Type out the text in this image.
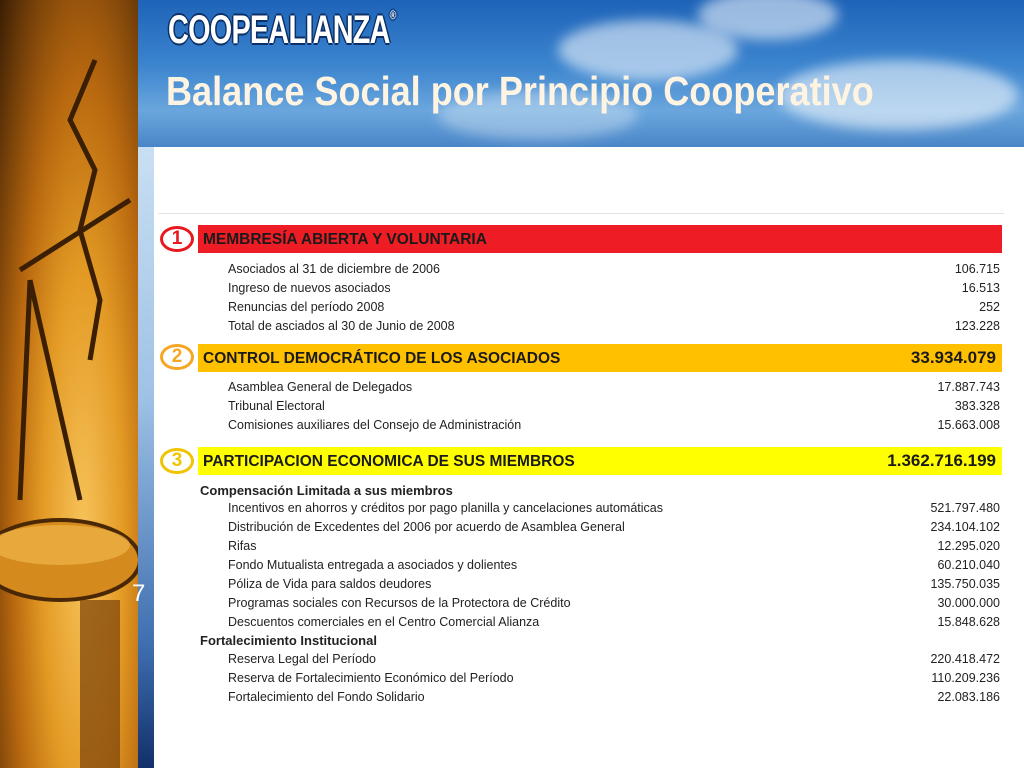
COOPEALIANZA®
Balance Social por Principio Cooperativo
7
1	MEMBRESÍA ABIERTA Y VOLUNTARIA
Asociados al 31 de diciembre de 2006	106.715
Ingreso de nuevos asociados	16.513
Renuncias del período 2008	252
Total de asciados al 30 de Junio de 2008	123.228
2	CONTROL DEMOCRÁTICO DE LOS ASOCIADOS	33.934.079
Asamblea General de Delegados	17.887.743
Tribunal Electoral	383.328
Comisiones auxiliares del Consejo de Administración	15.663.008
3	PARTICIPACION ECONOMICA DE SUS MIEMBROS	1.362.716.199
Compensación Limitada a sus miembros
Incentivos en ahorros y créditos por pago planilla y cancelaciones automáticas	521.797.480
Distribución de Excedentes del 2006 por acuerdo de Asamblea General	234.104.102
Rifas	12.295.020
Fondo Mutualista entregada a asociados y dolientes	60.210.040
Póliza de Vida para saldos deudores	135.750.035
Programas sociales con Recursos de la Protectora de Crédito	30.000.000
Descuentos comerciales en el Centro Comercial Alianza	15.848.628
Fortalecimiento Institucional
Reserva Legal del Período	220.418.472
Reserva de Fortalecimiento Económico del Período	110.209.236
Fortalecimiento del Fondo Solidario	22.083.186
